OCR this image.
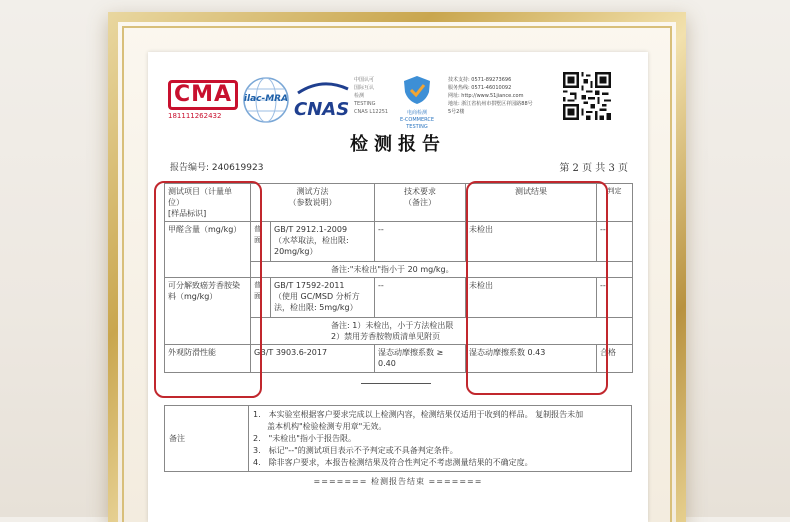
CMA
181111262432
ilac-MRA CNAS
中国认可
国际互认
检测
TESTING
CNAS L12251	电商检测
E-COMMERCE TESTING
技术支持: 0571-89273696
服务热线: 0571-46010092
网址: http://www.51jiance.com
地址: 浙江省杭州市拱墅区祥园路88号
5号2楼
检测报告
报告编号: 240619923	第 2 页 共 3 页
测试项目（计量单位）
[样品标识]	测试方法
（参数说明）		技术要求
（备注）	测试结果	判定
甲醛含量（mg/kg）	普面	GB/T 2912.1-2009
（水萃取法，检出限:
20mg/kg）	--	未检出	--
	备注:"未检出"指小于 20 mg/kg。				
可分解致癌芳香胺染
料（mg/kg）	普面	GB/T 17592-2011
（使用 GC/MSD 分析方
法，检出限: 5mg/kg）	--	未检出	--
	备注: 1）未检出，小于方法检出限
2）禁用芳香胺物质清单见附页				
外观防滑性能	GB/T 3903.6-2017		湿态动摩擦系数 ≥
0.40	湿态动摩擦系数 0.43	合格
备注	
1.　本实验室根据客户要求完成以上检测内容，检测结果仅适用于收到的样品。 复制报告未加
盖本机构"检验检测专用章"无效。
2.　"未检出"指小于报告限。
3.　标记"--"的测试项目表示不予判定或不具备判定条件。
4.　除非客户要求，本报告检测结果及符合性判定不考虑测量结果的不确定度。
======= 检测报告结束 =======
